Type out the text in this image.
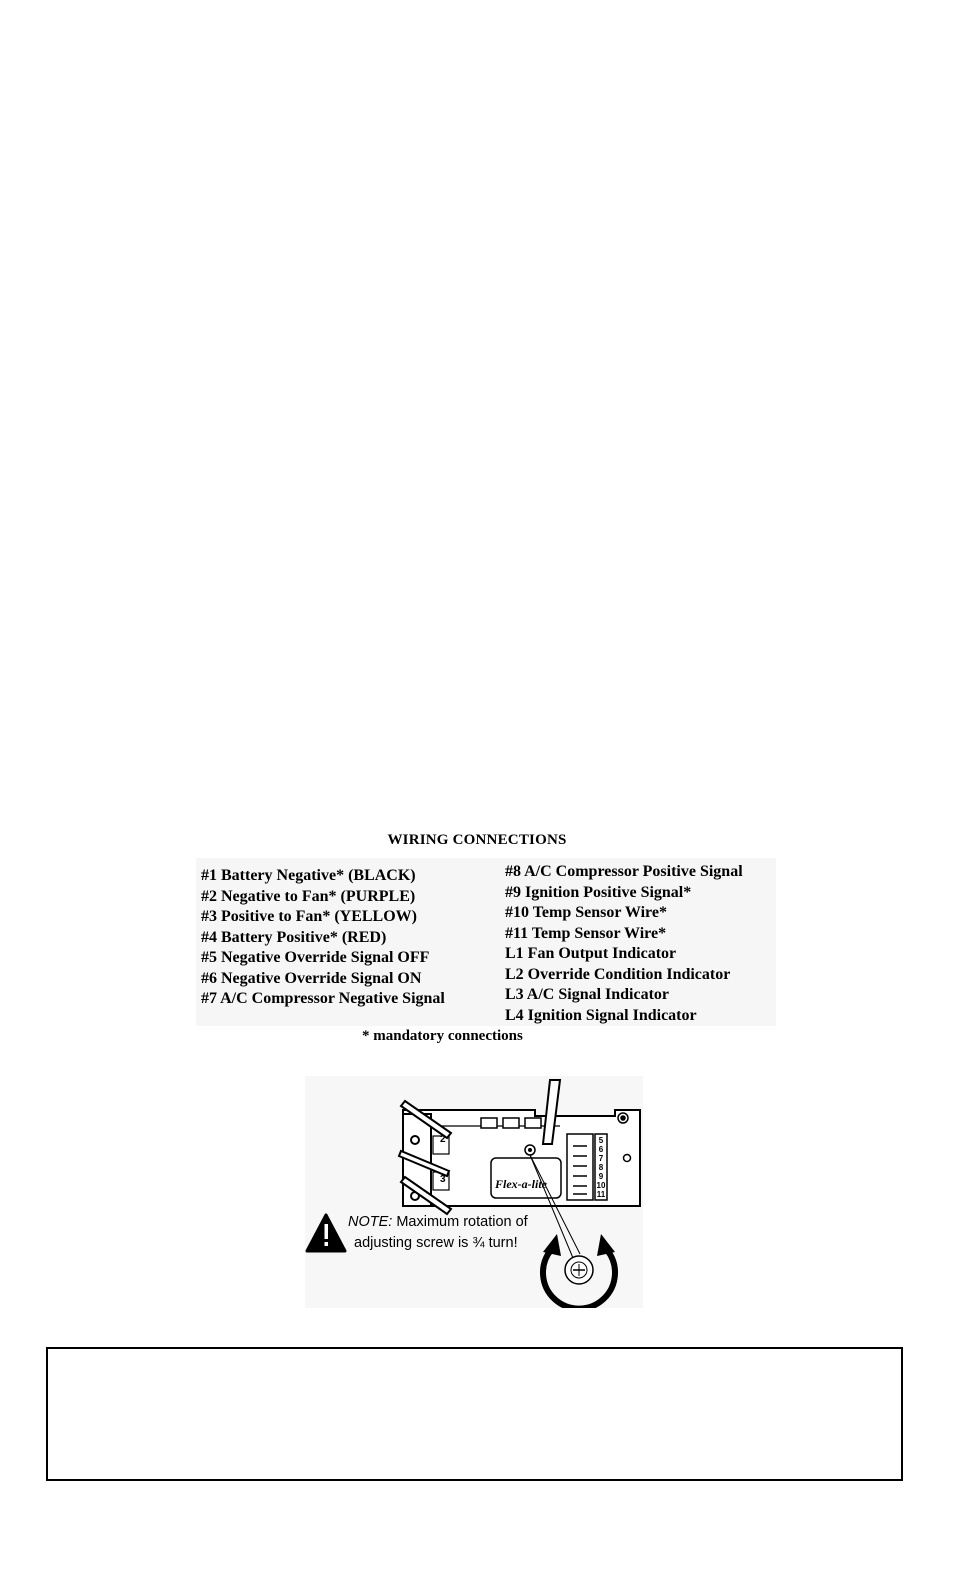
WIRING CONNECTIONS
#1 Battery Negative* (BLACK)
#2 Negative to Fan* (PURPLE)
#3 Positive to Fan* (YELLOW)
#4 Battery Positive* (RED)
#5 Negative Override Signal OFF
#6 Negative Override Signal ON
#7 A/C Compressor Negative Signal
#8 A/C Compressor Positive Signal
#9 Ignition Positive Signal*
#10 Temp Sensor Wire*
#11 Temp Sensor Wire*
L1 Fan Output Indicator
L2 Override Condition Indicator
L3 A/C Signal Indicator
L4 Ignition Signal Indicator
* mandatory connections
2
3	Flex-a-lite
5
6
7
8
9
10
11
NOTE: Maximum rotation of
adjusting screw is ¾ turn!
